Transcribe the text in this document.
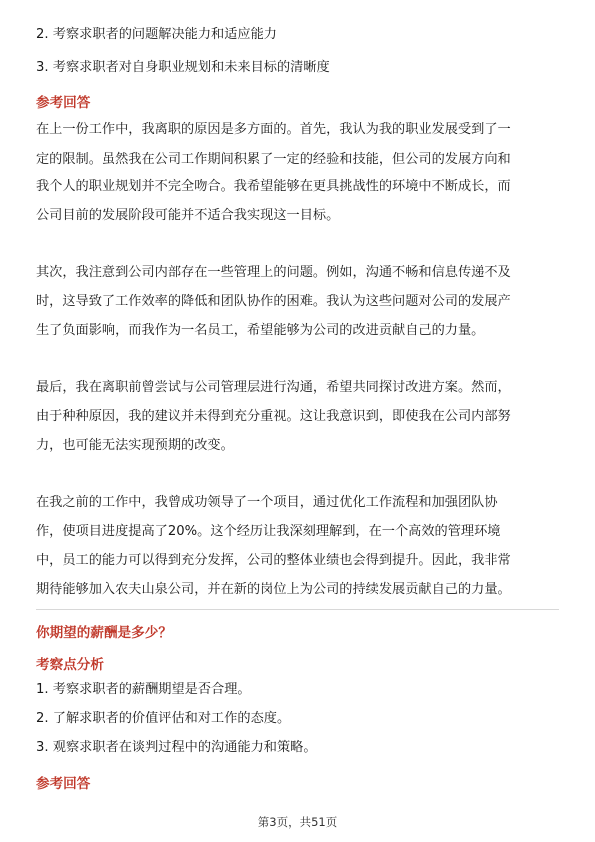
2. 考察求职者的问题解决能力和适应能力
3. 考察求职者对自身职业规划和未来目标的清晰度
参考回答
在上一份工作中，我离职的原因是多方面的。首先，我认为我的职业发展受到了一
定的限制。虽然我在公司工作期间积累了一定的经验和技能，但公司的发展方向和
我个人的职业规划并不完全吻合。我希望能够在更具挑战性的环境中不断成长，而
公司目前的发展阶段可能并不适合我实现这一目标。
其次，我注意到公司内部存在一些管理上的问题。例如，沟通不畅和信息传递不及
时，这导致了工作效率的降低和团队协作的困难。我认为这些问题对公司的发展产
生了负面影响，而我作为一名员工，希望能够为公司的改进贡献自己的力量。
最后，我在离职前曾尝试与公司管理层进行沟通，希望共同探讨改进方案。然而，
由于种种原因，我的建议并未得到充分重视。这让我意识到，即使我在公司内部努
力，也可能无法实现预期的改变。
在我之前的工作中，我曾成功领导了一个项目，通过优化工作流程和加强团队协
作，使项目进度提高了20%。这个经历让我深刻理解到，在一个高效的管理环境
中，员工的能力可以得到充分发挥，公司的整体业绩也会得到提升。因此，我非常
期待能够加入农夫山泉公司，并在新的岗位上为公司的持续发展贡献自己的力量。
你期望的薪酬是多少？
考察点分析
1. 考察求职者的薪酬期望是否合理。
2. 了解求职者的价值评估和对工作的态度。
3. 观察求职者在谈判过程中的沟通能力和策略。
参考回答
第3页，共51页
